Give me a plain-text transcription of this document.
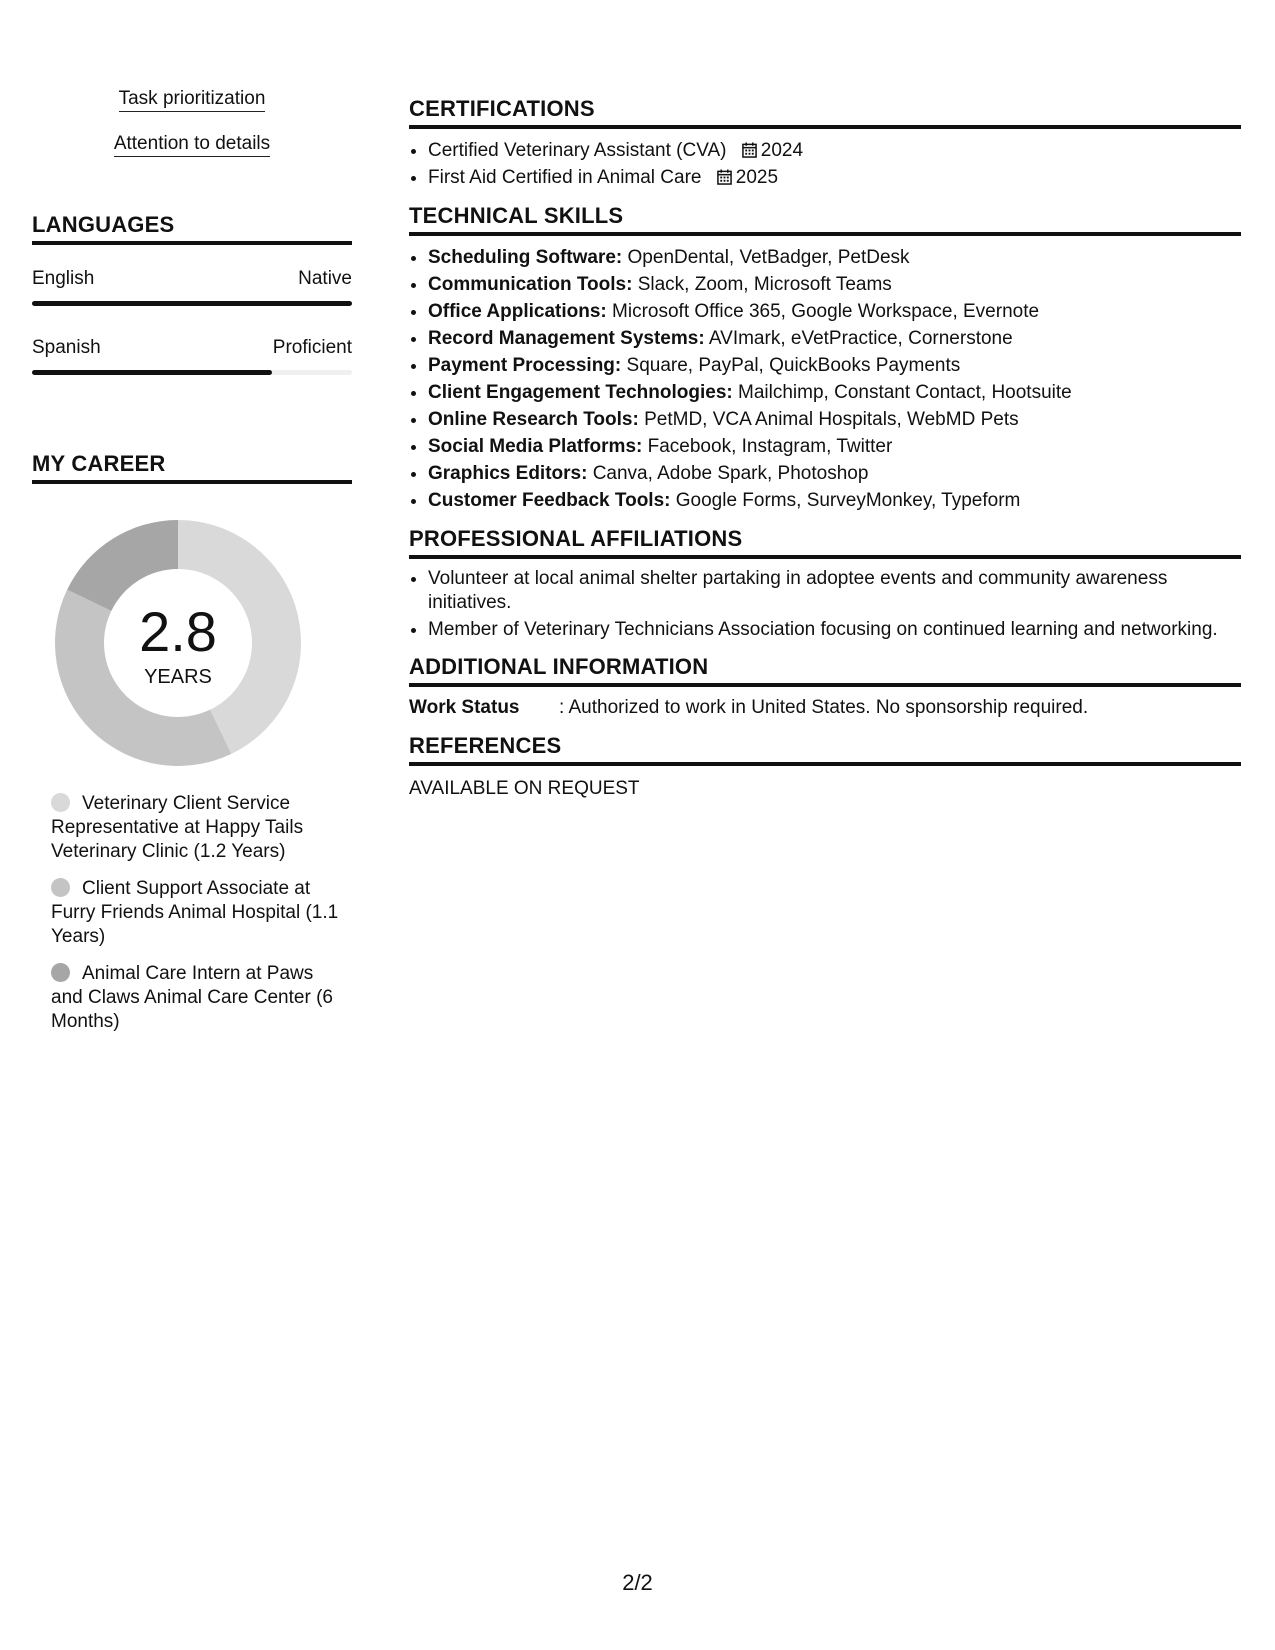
Task prioritization
Attention to details
LANGUAGES
English	Native
Spanish	Proficient
MY CAREER
2.8
YEARS
Veterinary Client Service Representative at Happy Tails Veterinary Clinic (1.2 Years)
Client Support Associate at Furry Friends Animal Hospital (1.1 Years)
Animal Care Intern at Paws and Claws Animal Care Center (6 Months)
CERTIFICATIONS
• Certified Veterinary Assistant (CVA) 2024
• First Aid Certified in Animal Care 2025
TECHNICAL SKILLS
• Scheduling Software: OpenDental, VetBadger, PetDesk
• Communication Tools: Slack, Zoom, Microsoft Teams
• Office Applications: Microsoft Office 365, Google Workspace, Evernote
• Record Management Systems: AVImark, eVetPractice, Cornerstone
• Payment Processing: Square, PayPal, QuickBooks Payments
• Client Engagement Technologies: Mailchimp, Constant Contact, Hootsuite
• Online Research Tools: PetMD, VCA Animal Hospitals, WebMD Pets
• Social Media Platforms: Facebook, Instagram, Twitter
• Graphics Editors: Canva, Adobe Spark, Photoshop
• Customer Feedback Tools: Google Forms, SurveyMonkey, Typeform
PROFESSIONAL AFFILIATIONS
• Volunteer at local animal shelter partaking in adoptee events and community awareness initiatives.
• Member of Veterinary Technicians Association focusing on continued learning and networking.
ADDITIONAL INFORMATION
Work Status : Authorized to work in United States. No sponsorship required.
REFERENCES
AVAILABLE ON REQUEST
2/2
